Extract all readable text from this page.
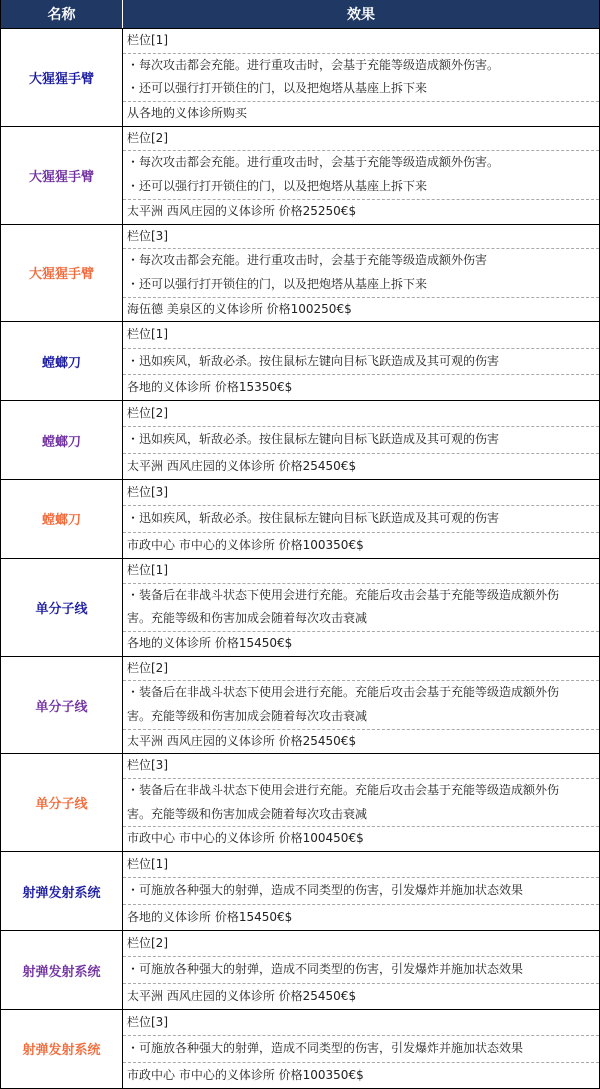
名称	效果
大猩猩手臂
栏位[1]
・每次攻击都会充能。进行重攻击时，会基于充能等级造成额外伤害。
・还可以强行打开锁住的门，以及把炮塔从基座上拆下来
从各地的义体诊所购买
大猩猩手臂
栏位[2]
・每次攻击都会充能。进行重攻击时，会基于充能等级造成额外伤害。
・还可以强行打开锁住的门，以及把炮塔从基座上拆下来
太平洲 西风庄园的义体诊所 价格25250€$
大猩猩手臂
栏位[3]
・每次攻击都会充能。进行重攻击时，会基于充能等级造成额外伤害
・还可以强行打开锁住的门，以及把炮塔从基座上拆下来
海伍德 美泉区的义体诊所 价格100250€$
螳螂刀
栏位[1]
・迅如疾风，斩敌必杀。按住鼠标左键向目标飞跃造成及其可观的伤害
各地的义体诊所 价格15350€$
螳螂刀
栏位[2]
・迅如疾风，斩敌必杀。按住鼠标左键向目标飞跃造成及其可观的伤害
太平洲 西风庄园的义体诊所 价格25450€$
螳螂刀
栏位[3]
・迅如疾风，斩敌必杀。按住鼠标左键向目标飞跃造成及其可观的伤害
市政中心 市中心的义体诊所 价格100350€$
单分子线
栏位[1]
・装备后在非战斗状态下使用会进行充能。充能后攻击会基于充能等级造成额外伤
害。充能等级和伤害加成会随着每次攻击衰减
各地的义体诊所 价格15450€$
单分子线
栏位[2]
・装备后在非战斗状态下使用会进行充能。充能后攻击会基于充能等级造成额外伤
害。充能等级和伤害加成会随着每次攻击衰减
太平洲 西风庄园的义体诊所 价格25450€$
单分子线
栏位[3]
・装备后在非战斗状态下使用会进行充能。充能后攻击会基于充能等级造成额外伤
害。充能等级和伤害加成会随着每次攻击衰减
市政中心 市中心的义体诊所 价格100450€$
射弹发射系统
栏位[1]
・可施放各种强大的射弹，造成不同类型的伤害，引发爆炸并施加状态效果
各地的义体诊所 价格15450€$
射弹发射系统
栏位[2]
・可施放各种强大的射弹，造成不同类型的伤害，引发爆炸并施加状态效果
太平洲 西风庄园的义体诊所 价格25450€$
射弹发射系统
栏位[3]
・可施放各种强大的射弹，造成不同类型的伤害，引发爆炸并施加状态效果
市政中心 市中心的义体诊所 价格100350€$
